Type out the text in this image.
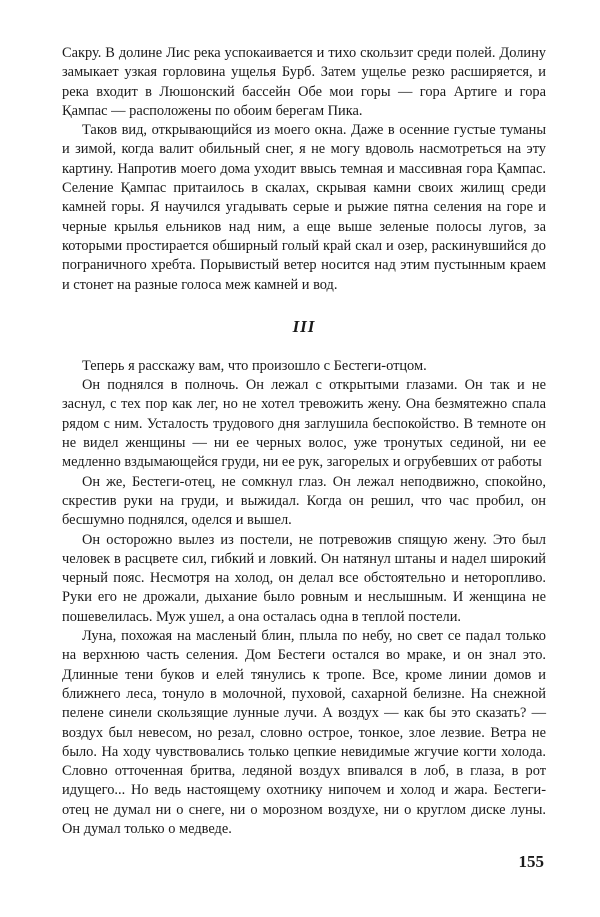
Сакру. В долине Лис река успокаивается и тихо скользит среди полей. Долину замыкает узкая горловина ущелья Бурб. Затем ущелье резко расширяется, и река входит в Люшонский бассейн Обе мои горы — гора Артиге и гора Қампас — расположены по обоим берегам Пика.

Таков вид, открывающийся из моего окна. Даже в осенние густые туманы и зимой, когда валит обильный снег, я не могу вдоволь насмотреться на эту картину. Напротив моего дома уходит ввысь темная и массивная гора Қампас. Селение Қампас притаилось в скалах, скрывая камни своих жилищ среди камней горы. Я научился угадывать серые и рыжие пятна селения на горе и черные крылья ельников над ним, а еще выше зеленые полосы лугов, за которыми простирается обширный голый край скал и озер, раскинувшийся до пограничного хребта. Порывистый ветер носится над этим пустынным краем и стонет на разные голоса меж камней и вод.

III

Теперь я расскажу вам, что произошло с Бестеги-отцом.

Он поднялся в полночь. Он лежал с открытыми глазами. Он так и не заснул, с тех пор как лег, но не хотел тревожить жену. Она безмятежно спала рядом с ним. Усталость трудового дня заглушила беспокойство. В темноте он не видел женщины — ни ее черных волос, уже тронутых сединой, ни ее медленно вздымающейся груди, ни ее рук, загорелых и огрубевших от работы

Он же, Бестеги-отец, не сомкнул глаз. Он лежал неподвижно, спокойно, скрестив руки на груди, и выжидал. Когда он решил, что час пробил, он бесшумно поднялся, оделся и вышел.

Он осторожно вылез из постели, не потревожив спящую жену. Это был человек в расцвете сил, гибкий и ловкий. Он натянул штаны и надел широкий черный пояс. Несмотря на холод, он делал все обстоятельно и неторопливо. Руки его не дрожали, дыхание было ровным и неслышным. И женщина не пошевелилась. Муж ушел, а она осталась одна в теплой постели.

Луна, похожая на масленый блин, плыла по небу, но свет се падал только на верхнюю часть селения. Дом Бестеги остался во мраке, и он знал это. Длинные тени буков и елей тянулись к тропе. Все, кроме линии домов и ближнего леса, тонуло в молочной, пуховой, сахарной белизне. На снежной пелене синели скользящие лунные лучи. А воздух — как бы это сказать? — воздух был невесом, но резал, словно острое, тонкое, злое лезвие. Ветра не было. На ходу чувствовались только цепкие невидимые жгучие когти холода. Словно отточенная бритва, ледяной воздух впивался в лоб, в глаза, в рот идущего... Но ведь настоящему охотнику нипочем и холод и жара. Бестеги-отец не думал ни о снеге, ни о морозном воздухе, ни о круглом диске луны. Он думал только о медведе.

155
